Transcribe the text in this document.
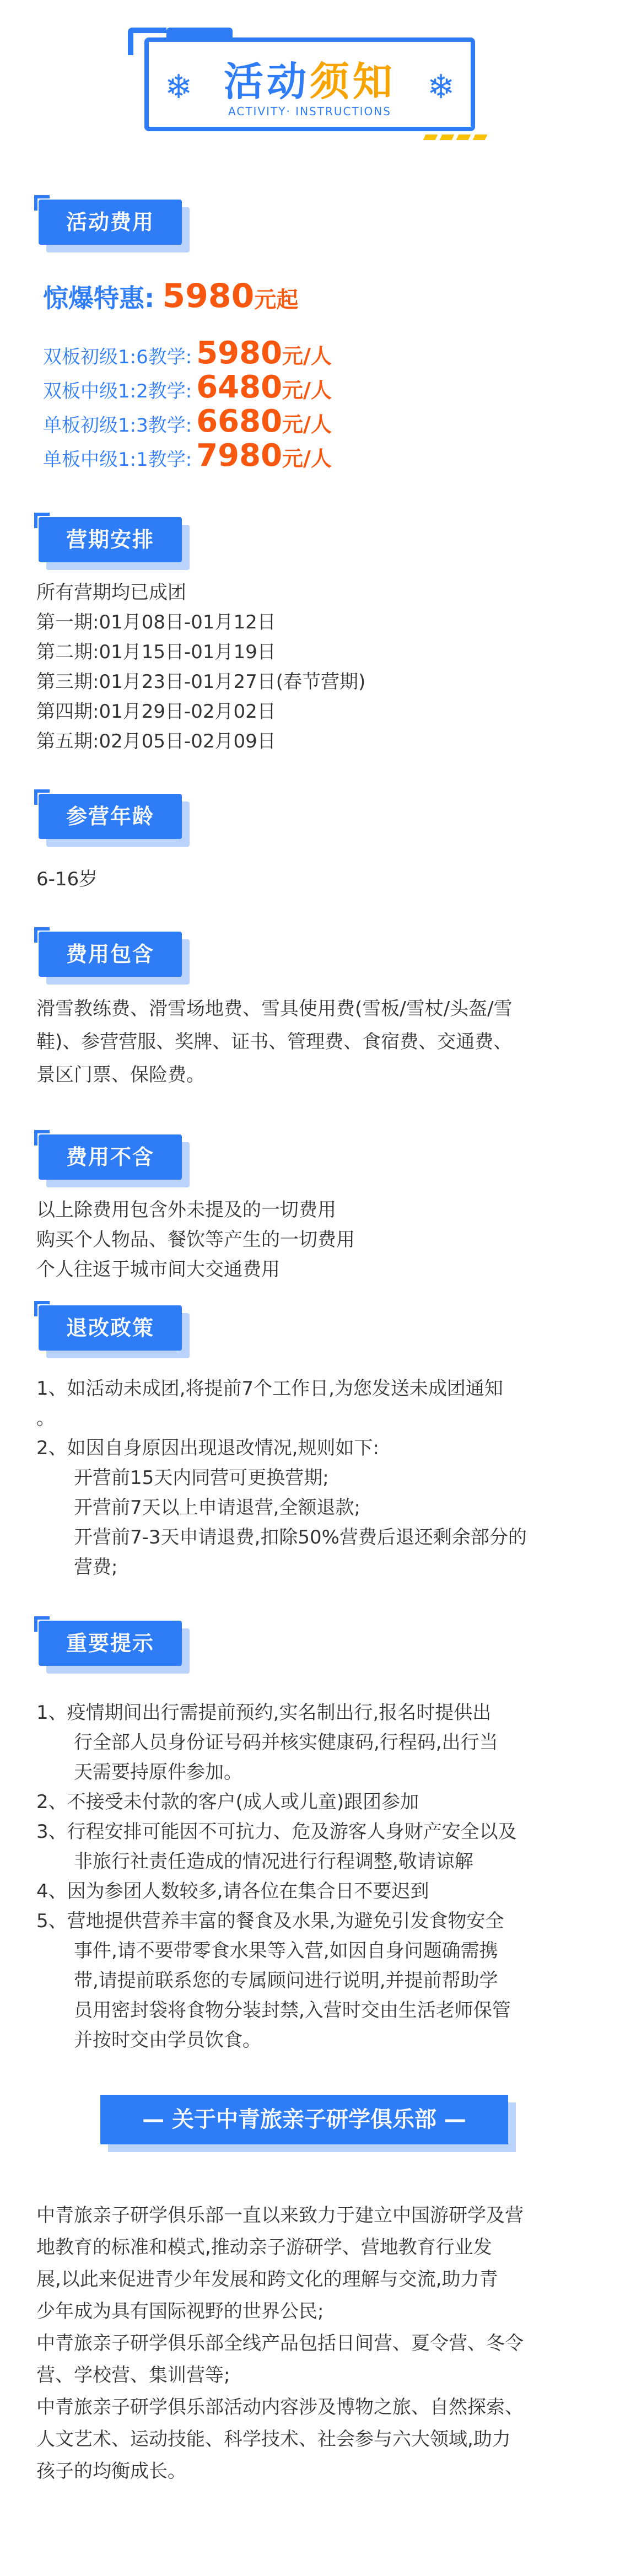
❄	❄
活动须知
ACTIVITY· INSTRUCTIONS
活动费用
惊爆特惠: 5980元起
双板初级1:6教学: 5980元/人
双板中级1:2教学: 6480元/人
单板初级1:3教学: 6680元/人
单板中级1:1教学: 7980元/人
营期安排
所有营期均已成团
第一期:01月08日-01月12日
第二期:01月15日-01月19日
第三期:01月23日-01月27日(春节营期)
第四期:01月29日-02月02日
第五期:02月05日-02月09日
参营年龄
6-16岁
费用包含
滑雪教练费、滑雪场地费、雪具使用费(雪板/雪杖/头盔/雪
鞋)、参营营服、奖牌、证书、管理费、食宿费、交通费、
景区门票、保险费。
费用不含
以上除费用包含外未提及的一切费用
购买个人物品、餐饮等产生的一切费用
个人往返于城市间大交通费用
退改政策
1、如活动未成团,将提前7个工作日,为您发送未成团通知
。
2、如因自身原因出现退改情况,规则如下:
开营前15天内同营可更换营期;
开营前7天以上申请退营,全额退款;
开营前7-3天申请退费,扣除50%营费后退还剩余部分的
营费;
重要提示
1、疫情期间出行需提前预约,实名制出行,报名时提供出
行全部人员身份证号码并核实健康码,行程码,出行当
天需要持原件参加。
2、不接受未付款的客户(成人或儿童)跟团参加
3、行程安排可能因不可抗力、危及游客人身财产安全以及
非旅行社责任造成的情况进行行程调整,敬请谅解
4、因为参团人数较多,请各位在集合日不要迟到
5、营地提供营养丰富的餐食及水果,为避免引发食物安全
事件,请不要带零食水果等入营,如因自身问题确需携
带,请提前联系您的专属顾问进行说明,并提前帮助学
员用密封袋将食物分装封禁,入营时交由生活老师保管
并按时交由学员饮食。
— 关于中青旅亲子研学俱乐部 —
中青旅亲子研学俱乐部一直以来致力于建立中国游研学及营
地教育的标准和模式,推动亲子游研学、营地教育行业发
展,以此来促进青少年发展和跨文化的理解与交流,助力青
少年成为具有国际视野的世界公民;
中青旅亲子研学俱乐部全线产品包括日间营、夏令营、冬令
营、学校营、集训营等;
中青旅亲子研学俱乐部活动内容涉及博物之旅、自然探索、
人文艺术、运动技能、科学技术、社会参与六大领域,助力
孩子的均衡成长。
